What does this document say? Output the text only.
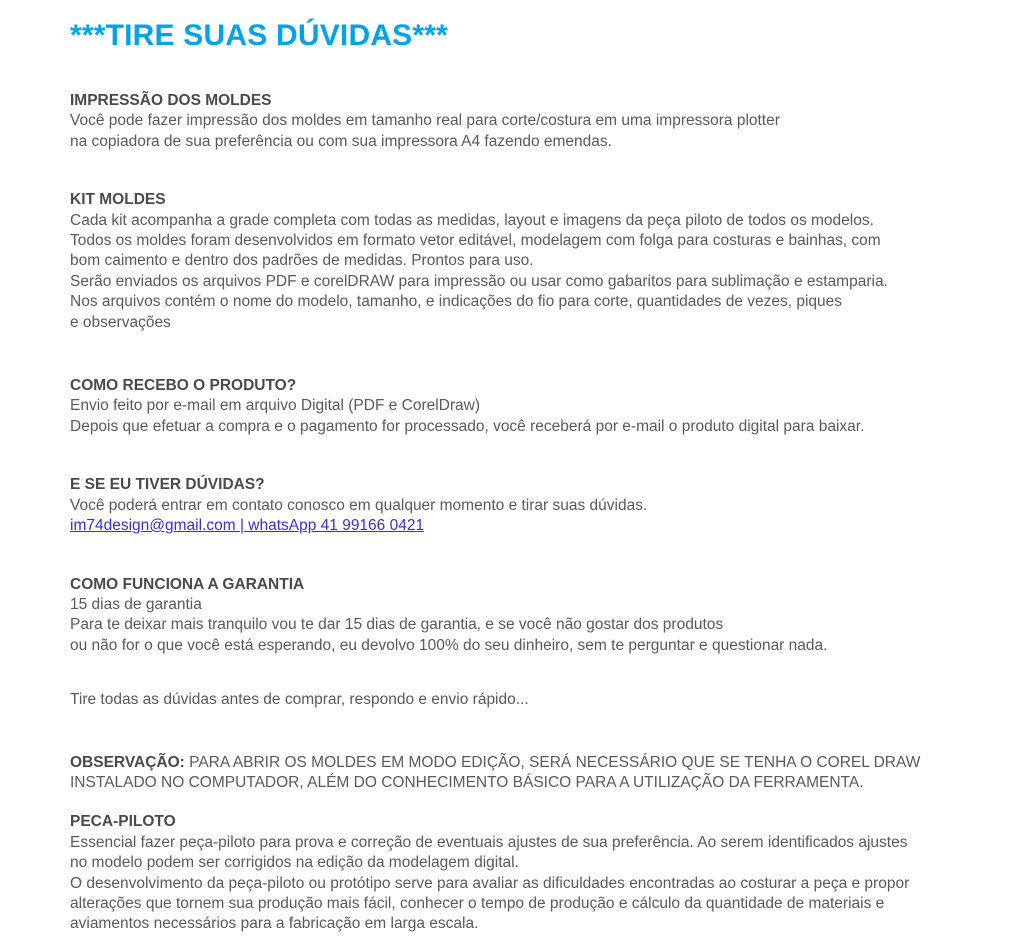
***TIRE SUAS DÚVIDAS***
IMPRESSÃO DOS MOLDES

Você pode fazer impressão dos moldes em tamanho real para corte/costura em uma impressora plotter

na copiadora de sua preferência ou com sua impressora A4 fazendo emendas.

KIT MOLDES

Cada kit acompanha a grade completa com todas as medidas, layout e imagens da peça piloto de todos os modelos.

Todos os moldes foram desenvolvidos em formato vetor editável, modelagem com folga para costuras e bainhas, com

bom caimento e dentro dos padrões de medidas. Prontos para uso.

Serão enviados os arquivos PDF e corelDRAW para impressão ou usar como gabaritos para sublimação e estamparia.

Nos arquivos contém o nome do modelo, tamanho, e indicações do fio para corte, quantidades de vezes, piques

e observações

COMO RECEBO O PRODUTO?

Envio feito por e-mail em arquivo Digital (PDF e CorelDraw)

Depois que efetuar a compra e o pagamento for processado, você receberá por e-mail o produto digital para baixar.

E SE EU TIVER DÚVIDAS?

Você poderá entrar em contato conosco em qualquer momento e tirar suas dúvidas.

im74design@gmail.com | whatsApp 41 99166 0421

COMO FUNCIONA A GARANTIA

15 dias de garantia

Para te deixar mais tranquilo vou te dar 15 dias de garantia, e se você não gostar dos produtos

ou não for o que você está esperando, eu devolvo 100% do seu dinheiro, sem te perguntar e questionar nada.

Tire todas as dúvidas antes de comprar, respondo e envio rápido...

OBSERVAÇÃO: PARA ABRIR OS MOLDES EM MODO EDIÇÃO, SERÁ NECESSÁRIO QUE SE TENHA O COREL DRAW

INSTALADO NO COMPUTADOR, ALÉM DO CONHECIMENTO BÁSICO PARA A UTILIZAÇÃO DA FERRAMENTA.

PECA-PILOTO

Essencial fazer peça-piloto para prova e correção de eventuais ajustes de sua preferência. Ao serem identificados ajustes

no modelo podem ser corrigidos na edição da modelagem digital.

O desenvolvimento da peça-piloto ou protótipo serve para avaliar as dificuldades encontradas ao costurar a peça e propor

alterações que tornem sua produção mais fácil, conhecer o tempo de produção e cálculo da quantidade de materiais e

aviamentos necessários para a fabricação em larga escala.
